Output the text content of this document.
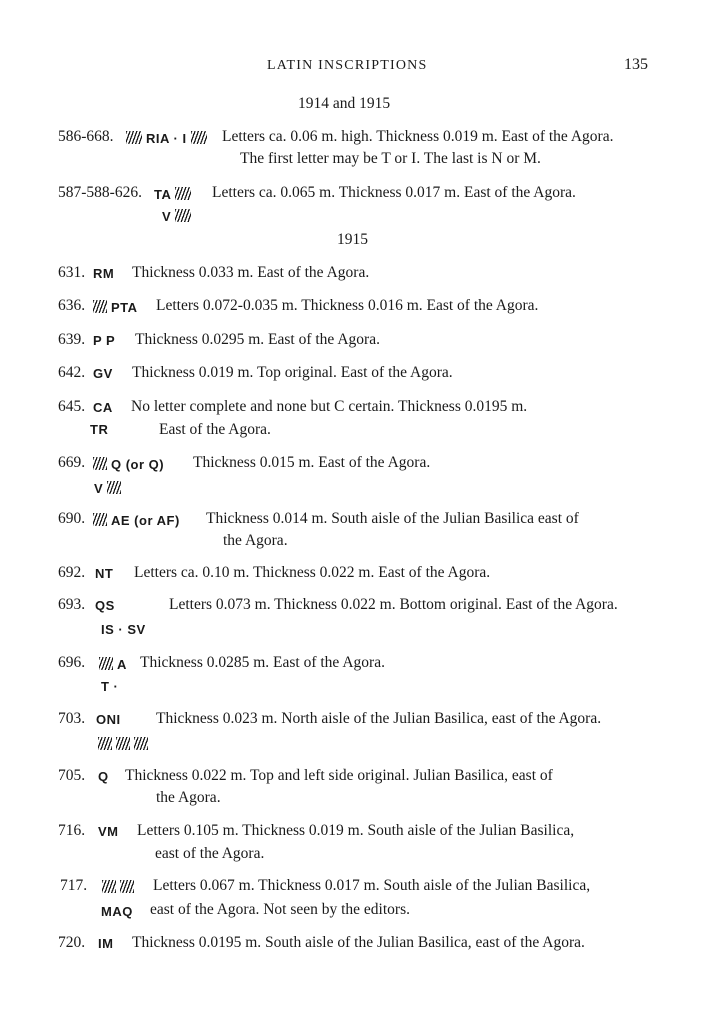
LATIN INSCRIPTIONS	135
1914 and 1915
586-668.	RIA · I	Letters ca. 0.06 m. high. Thickness 0.019 m. East of the Agora.
The first letter may be T or I. The last is N or M.
587-588-626. TA
V
Letters ca. 0.065 m. Thickness 0.017 m. East of the Agora.
1915
631. RM Thickness 0.033 m. East of the Agora.
636.	PTA Letters 0.072-0.035 m. Thickness 0.016 m. East of the Agora.
639. P P Thickness 0.0295 m. East of the Agora.
642. GV Thickness 0.019 m. Top original. East of the Agora.
645. CA
TR
No letter complete and none but C certain. Thickness 0.0195 m.
East of the Agora.
669.	Q (or Q)
V
Thickness 0.015 m. East of the Agora.
690.	AE (or AF) Thickness 0.014 m. South aisle of the Julian Basilica east of
the Agora.
692. NT Letters ca. 0.10 m. Thickness 0.022 m. East of the Agora.
693. QS
IS · SV
Letters 0.073 m. Thickness 0.022 m. Bottom original. East of the Agora.
696.	A
T ·
Thickness 0.0285 m. East of the Agora.
703. ONI
Thickness 0.023 m. North aisle of the Julian Basilica, east of the Agora.
705. Q Thickness 0.022 m. Top and left side original. Julian Basilica, east of
the Agora.
716. VM Letters 0.105 m. Thickness 0.019 m. South aisle of the Julian Basilica,
east of the Agora.
717.

MAQ
Letters 0.067 m. Thickness 0.017 m. South aisle of the Julian Basilica,
east of the Agora. Not seen by the editors.
720. IM Thickness 0.0195 m. South aisle of the Julian Basilica, east of the Agora.
